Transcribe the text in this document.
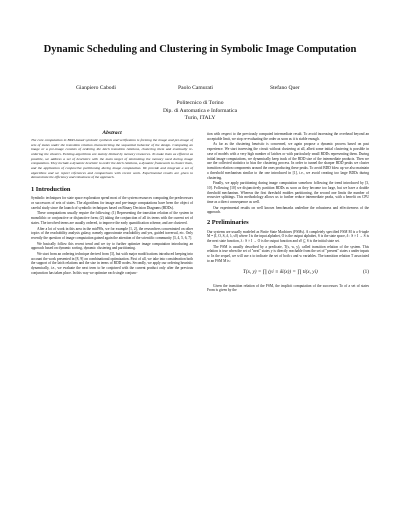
Dynamic Scheduling and Clustering in Symbolic Image Computation
Gianpiero Cabodi	Paolo Camurati	Stefano Quer
Politecnico di Torino
Dip. di Automatica e Informatica
Turin, ITALY
Abstract
The core computation in BDD-based symbolic synthesis and verification is forming the image and pre-image of sets of states under the transition relation characterizing the sequential behavior of the design. Computing an image or a pre-image consists of ordering the latch transition relations, clustering them and eventually re-ordering the clusters. Existing algorithms are mainly limited by memory resources. To make them as efficient as possible, we address a set of heuristics with the main target of minimizing the memory used during image computation. They include a dynamic heuristic to order the latch relations, a dynamic framework to cluster them, and the application of conjunctive partitioning during image computation. We provide and integrate a set of algorithms and we report references and comparisons with recent work. Experimental results are given to demonstrate the efficiency and robustness of the approach.
1 Introduction

Symbolic techniques for state space exploration spend most of the system resources computing the predecessors or successors of sets of states. The algorithms for image and pre-image computations have been the object of careful study since the launch of symbolic techniques based on Binary Decision Diagrams (BDDs).

These computations usually require the following: (1) Representing the transition relation of the system in monolithic or conjunctive or disjunctive form; (2) taking the conjunction of all its terms with the current set of states. The involved terms are usually ordered, to improve the early quantification scheme, and are clustered.

After a lot of work in this area in the mid'90s, we for example [1, 2], the researchers concentrated on other topics of the reachability analysis galaxy, namely approximate reachability and yes, guided traversal, etc. Only recently the question of image computation gained again the attention of the scientific community [3, 4, 5, 6, 7].

We basically follow this recent trend and we try to further optimize image computation introducing an approach based on dynamic sorting, dynamic clustering and partitioning.

We start from an ordering technique derived from [3], but with major modifications introduced keeping into account the work presented in [8, 9] on combinational optimization. First of all, we take into consideration both the support of the latch relations and the size in terms of BDD nodes. Secondly, we apply our ordering heuristic dynamically, i.e., we evaluate the next term to be conjoined with the current product only after the previous conjunction has taken place. In this way we optimize each single conjunc-

tion with respect to the previously computed intermediate result. To avoid increasing the overhead beyond an acceptable limit, we stop re-evaluating the order as soon as it is stable enough.

As far as the clustering heuristic is concerned, we again propose a dynamic process based on past experience. We start traversing the circuit without clustering at all, albeit some initial clustering is possible in case of models with a very high number of latches or with particularly small BDDs representing them. During initial image computations, we dynamically keep track of the BDD size of the intermediate products. Then we use the collected statistics to bias the clustering process. In order to tunnel the sharper BDD peaks we cluster transition relation components around the ones producing these peaks. To avoid BDD blow up we also maintain a threshold mechanism similar to the one introduced in [1], i.e., we avoid creating too large BDDs during clustering.

Finally, we apply partitioning during image computation somehow following the trend introduced by [3, 10]. Following [10] we disjunctively partition BDDs as soon as they become too large, but we have a double threshold mechanism. Whereas the first threshold enables partitioning, the second one limits the number of recursive splittings. This methodology allows us to further reduce intermediate peaks, with a benefit on CPU time as a direct consequence as well.

Our experimental results on well known benchmarks underline the robustness and effectiveness of the approach.

2 Preliminaries

Our systems are usually modeled as Finite State Machines (FSMs). A completely specified FSM M is a 6-tuple M = (I, O, S, δ, λ, s0) where I is the input alphabet, O is the output alphabet, S is the state space, δ : S × I → S is the next state function, λ : S × I → O is the output function and s0 ⊆ S is the initial state set.

The FSM is usually described by a predicate, T(s, w, y), called transition relation of the system. This relation is true when the set of "next" states y is directly reachable from the set of "present" states s under inputs w. In the sequel, we will use x to indicate the set of both s and w variables. The transition relation T associated to an FSM M is:

T(x, y) = ∏ (yi ≡ δi(x)) = ∏ ti(x, yi)	(1)

Given the transition relation of the FSM, the implicit computation of the successors To of a set of states From is given by the
